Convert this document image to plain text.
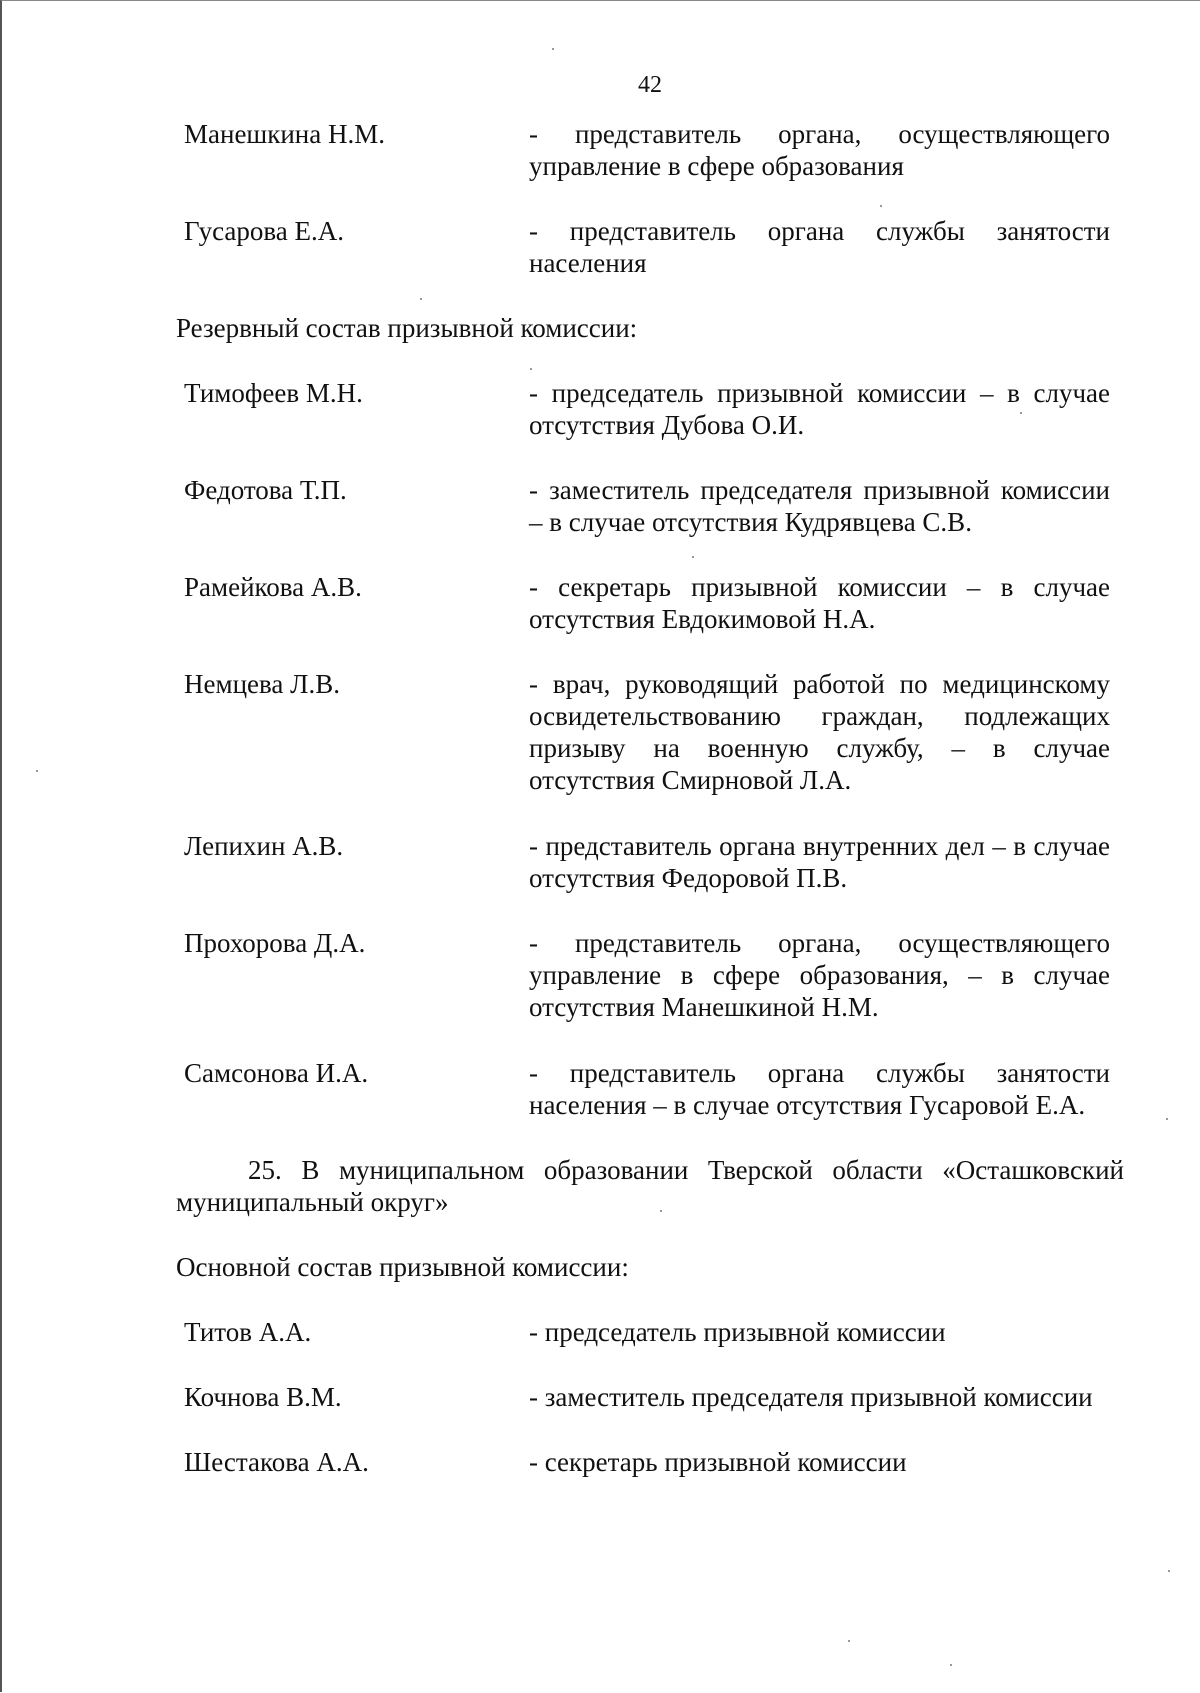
42
Манешкина Н.М.	- представитель органа, осуществляющего управление в сфере образования
Гусарова Е.А.	- представитель органа службы занятости населения
Резервный состав призывной комиссии:
Тимофеев М.Н.	- председатель призывной комиссии – в случае отсутствия Дубова О.И.
Федотова Т.П.	- заместитель председателя призывной комиссии – в случае отсутствия Кудрявцева С.В.
Рамейкова А.В.	- секретарь призывной комиссии – в случае отсутствия Евдокимовой Н.А.
Немцева Л.В.	- врач, руководящий работой по медицинскому освидетельствованию граждан, подлежащих призыву на военную службу, – в случае отсутствия Смирновой Л.А.
Лепихин А.В.	- представитель органа внутренних дел – в случае отсутствия Федоровой П.В.
Прохорова Д.А.	- представитель органа, осуществляющего управление в сфере образования, – в случае отсутствия Манешкиной Н.М.
Самсонова И.А.	- представитель органа службы занятости населения – в случае отсутствия Гусаровой Е.А.
25. В муниципальном образовании Тверской области «Осташковский муниципальный округ»
Основной состав призывной комиссии:
Титов А.А.	- председатель призывной комиссии
Кочнова В.М.	- заместитель председателя призывной комиссии
Шестакова А.А.	- секретарь призывной комиссии
